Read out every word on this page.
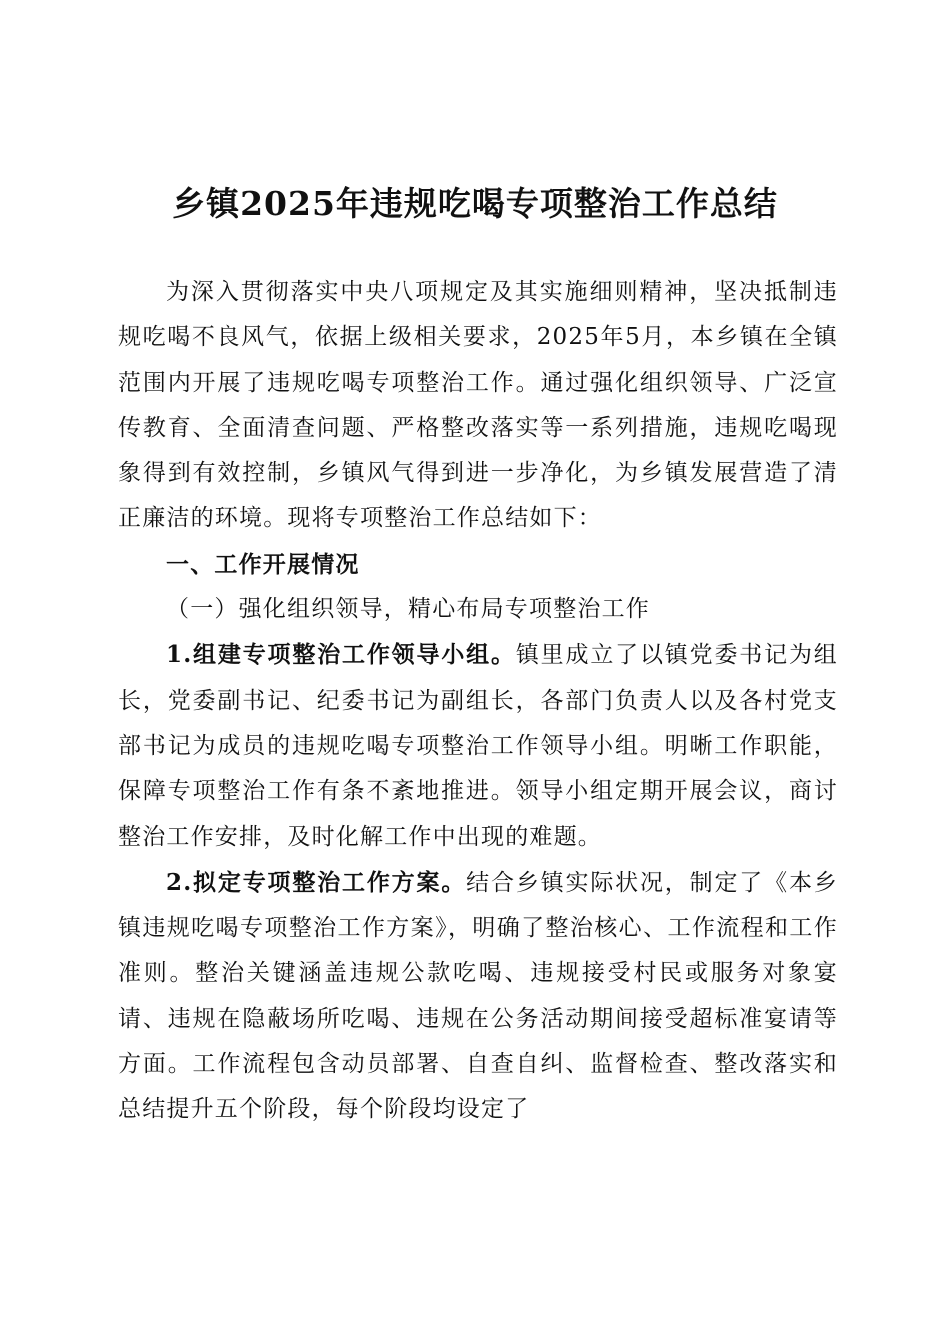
乡镇2025年违规吃喝专项整治工作总结

为深入贯彻落实中央八项规定及其实施细则精神，坚决抵制违规吃喝不良风气，依据上级相关要求，2025年5月，本乡镇在全镇范围内开展了违规吃喝专项整治工作。通过强化组织领导、广泛宣传教育、全面清查问题、严格整改落实等一系列措施，违规吃喝现象得到有效控制，乡镇风气得到进一步净化，为乡镇发展营造了清正廉洁的环境。现将专项整治工作总结如下：

一、工作开展情况

（一）强化组织领导，精心布局专项整治工作

1.组建专项整治工作领导小组。镇里成立了以镇党委书记为组长，党委副书记、纪委书记为副组长，各部门负责人以及各村党支部书记为成员的违规吃喝专项整治工作领导小组。明晰工作职能，保障专项整治工作有条不紊地推进。领导小组定期开展会议，商讨整治工作安排，及时化解工作中出现的难题。

2.拟定专项整治工作方案。结合乡镇实际状况，制定了《本乡镇违规吃喝专项整治工作方案》，明确了整治核心、工作流程和工作准则。整治关键涵盖违规公款吃喝、违规接受村民或服务对象宴请、违规在隐蔽场所吃喝、违规在公务活动期间接受超标准宴请等方面。工作流程包含动员部署、自查自纠、监督检查、整改落实和总结提升五个阶段，每个阶段均设定了
